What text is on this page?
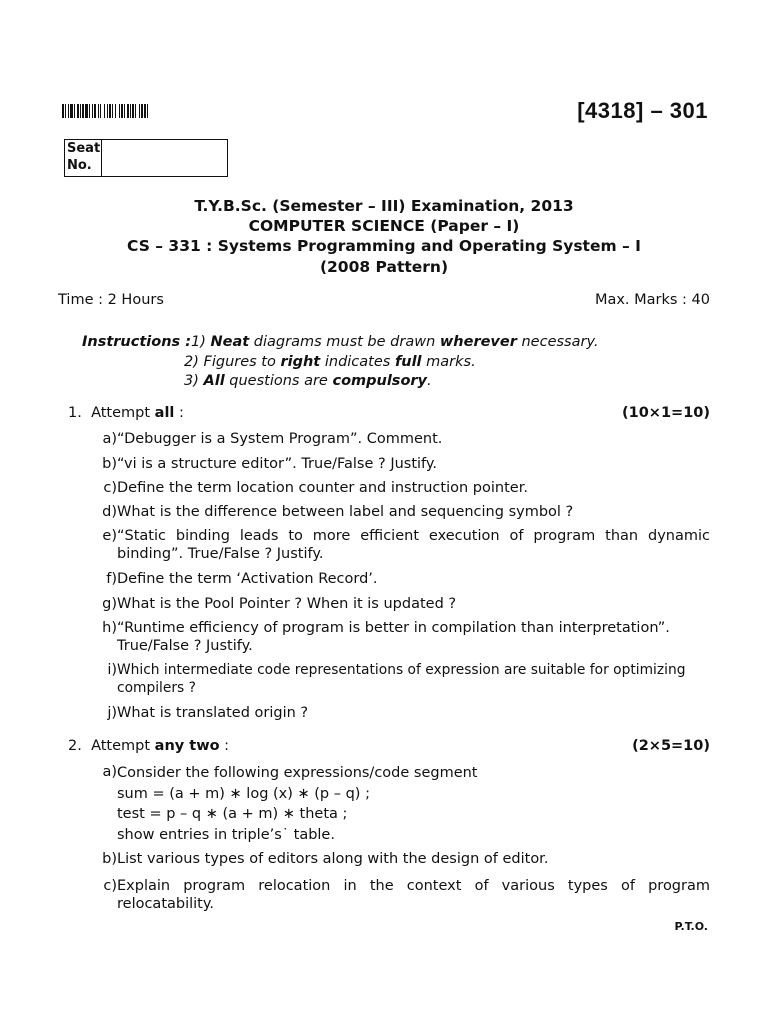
[4318] – 301
Seat
No.
T.Y.B.Sc. (Semester – III) Examination, 2013
COMPUTER SCIENCE (Paper – I)
CS – 331 : Systems Programming and Operating System – I
(2008 Pattern)
Time : 2 Hours	Max. Marks : 40
Instructions :1) Neat diagrams must be drawn wherever necessary.
2) Figures to right indicates full marks.
3) All questions are compulsory.
1. Attempt all :	(10×1=10)
a) “Debugger is a System Program”. Comment.
b) “vi is a structure editor”. True/False ? Justify.
c) Define the term location counter and instruction pointer.
d) What is the difference between label and sequencing symbol ?
e) “Static binding leads to more efficient execution of program than dynamic binding”. True/False ? Justify.
f) Define the term ‘Activation Record’.
g) What is the Pool Pointer ? When it is updated ?
h) “Runtime efficiency of program is better in compilation than interpretation”. True/False ? Justify.
i) Which intermediate code representations of expression are suitable for optimizing compilers ?
j) What is translated origin ?
2. Attempt any two :	(2×5=10)
a) Consider the following expressions/code segment
sum = (a + m) ∗ log (x) ∗ (p – q) ;
test = p – q ∗ (a + m) ∗ theta ;
show entries in triple’s˙ table.
b) List various types of editors along with the design of editor.
c) Explain program relocation in the context of various types of program relocatability.
P.T.O.
